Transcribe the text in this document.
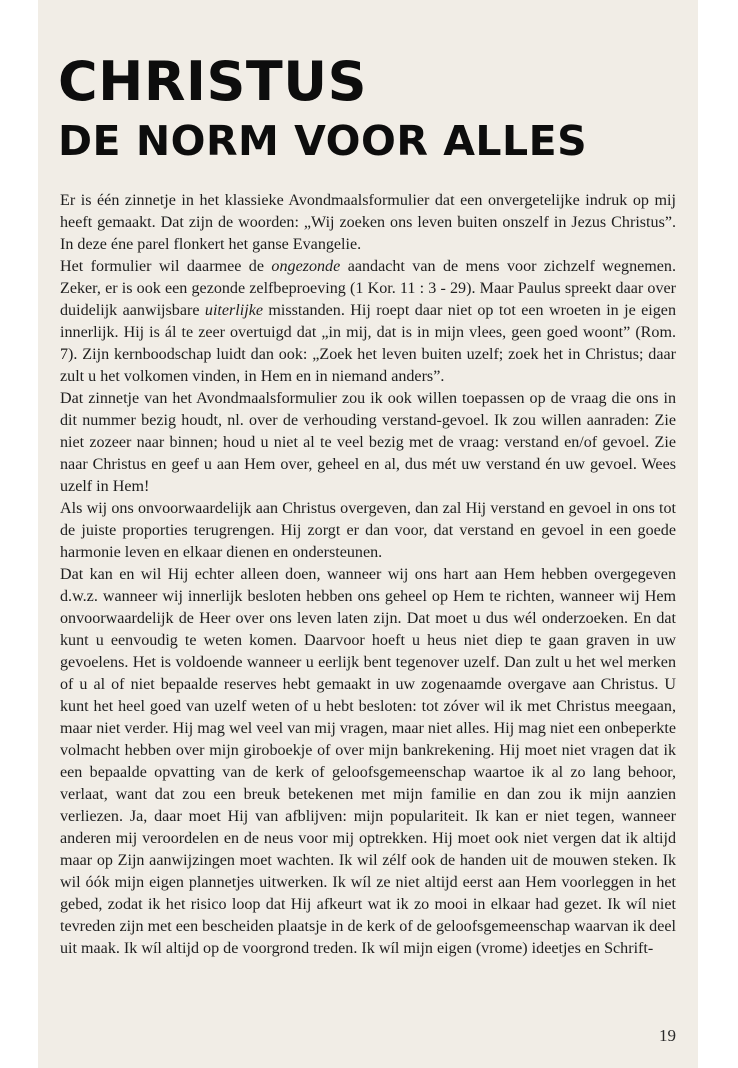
CHRISTUS
DE NORM VOOR ALLES

Er is één zinnetje in het klassieke Avondmaalsformulier dat een onvergetelijke indruk op mij heeft gemaakt. Dat zijn de woorden: „Wij zoeken ons leven buiten onszelf in Jezus Christus”. In deze éne parel flonkert het ganse Evangelie.

Het formulier wil daarmee de ongezonde aandacht van de mens voor zichzelf wegnemen. Zeker, er is ook een gezonde zelfbeproeving (1 Kor. 11 : 3 - 29). Maar Paulus spreekt daar over duidelijk aanwijsbare uiterlijke misstanden. Hij roept daar niet op tot een wroeten in je eigen innerlijk. Hij is ál te zeer overtuigd dat „in mij, dat is in mijn vlees, geen goed woont” (Rom. 7). Zijn kernboodschap luidt dan ook: „Zoek het leven buiten uzelf; zoek het in Christus; daar zult u het volkomen vinden, in Hem en in niemand anders”.

Dat zinnetje van het Avondmaalsformulier zou ik ook willen toepassen op de vraag die ons in dit nummer bezig houdt, nl. over de verhouding verstand-gevoel. Ik zou willen aanraden: Zie niet zozeer naar binnen; houd u niet al te veel bezig met de vraag: verstand en/of gevoel. Zie naar Christus en geef u aan Hem over, geheel en al, dus mét uw verstand én uw gevoel. Wees uzelf in Hem!

Als wij ons onvoorwaardelijk aan Christus overgeven, dan zal Hij verstand en gevoel in ons tot de juiste proporties terugrengen. Hij zorgt er dan voor, dat verstand en gevoel in een goede harmonie leven en elkaar dienen en ondersteunen.

Dat kan en wil Hij echter alleen doen, wanneer wij ons hart aan Hem hebben overgegeven d.w.z. wanneer wij innerlijk besloten hebben ons geheel op Hem te richten, wanneer wij Hem onvoorwaardelijk de Heer over ons leven laten zijn. Dat moet u dus wél onderzoeken. En dat kunt u eenvoudig te weten komen. Daarvoor hoeft u heus niet diep te gaan graven in uw gevoelens. Het is voldoende wanneer u eerlijk bent tegenover uzelf. Dan zult u het wel merken of u al of niet bepaalde reserves hebt gemaakt in uw zogenaamde overgave aan Christus. U kunt het heel goed van uzelf weten of u hebt besloten: tot zóver wil ik met Christus meegaan, maar niet verder. Hij mag wel veel van mij vragen, maar niet alles. Hij mag niet een onbeperkte volmacht hebben over mijn giroboekje of over mijn bankrekening. Hij moet niet vragen dat ik een bepaalde opvatting van de kerk of geloofsgemeenschap waartoe ik al zo lang behoor, verlaat, want dat zou een breuk betekenen met mijn familie en dan zou ik mijn aanzien verliezen. Ja, daar moet Hij van afblijven: mijn populariteit. Ik kan er niet tegen, wanneer anderen mij veroordelen en de neus voor mij optrekken. Hij moet ook niet vergen dat ik altijd maar op Zijn aanwijzingen moet wachten. Ik wil zélf ook de handen uit de mouwen steken. Ik wil óók mijn eigen plannetjes uitwerken. Ik wíl ze niet altijd eerst aan Hem voorleggen in het gebed, zodat ik het risico loop dat Hij afkeurt wat ik zo mooi in elkaar had gezet. Ik wíl niet tevreden zijn met een bescheiden plaatsje in de kerk of de geloofsgemeenschap waarvan ik deel uit maak. Ik wíl altijd op de voorgrond treden. Ik wíl mijn eigen (vrome) ideetjes en Schrift-

19
